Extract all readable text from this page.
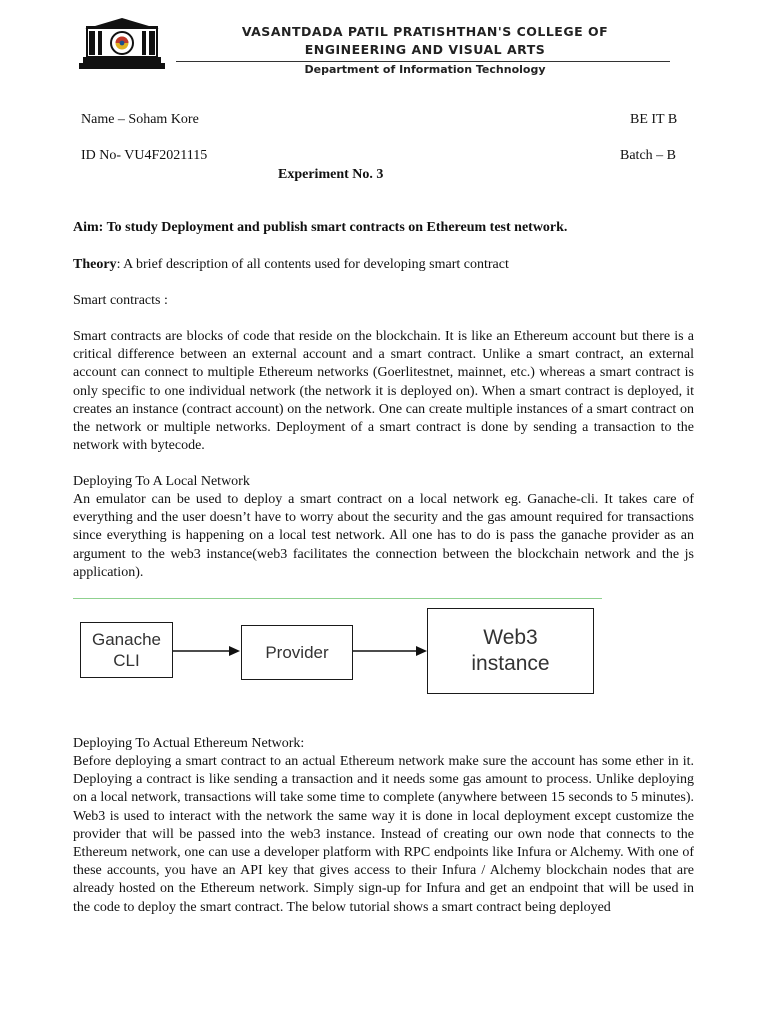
VASANTDADA PATIL PRATISHTHAN'S COLLEGE OF
ENGINEERING AND VISUAL ARTS
Department of Information Technology
Name – Soham Kore	BE IT B
ID No- VU4F2021115	Batch – B
Experiment No. 3
Aim: To study Deployment and publish smart contracts on Ethereum test network.
Theory: A brief description of all contents used for developing smart contract
Smart contracts :

Smart contracts are blocks of code that reside on the blockchain. It is like an Ethereum account but there is a critical difference between an external account and a smart contract. Unlike a smart contract, an external account can connect to multiple Ethereum networks (Goerlitestnet, mainnet, etc.) whereas a smart contract is only specific to one individual network (the network it is deployed on). When a smart contract is deployed, it creates an instance (contract account) on the network. One can create multiple instances of a smart contract on the network or multiple networks. Deployment of a smart contract is done by sending a transaction to the network with bytecode.

Deploying To A Local Network

An emulator can be used to deploy a smart contract on a local network eg. Ganache-cli. It takes care of everything and the user doesn’t have to worry about the security and the gas amount required for transactions since everything is happening on a local test network. All one has to do is pass the ganache provider as an argument to the web3 instance(web3 facilitates the connection between the blockchain network and the js application).

Ganache
CLI	Provider
Web3
instance
Deploying To Actual Ethereum Network:

Before deploying a smart contract to an actual Ethereum network make sure the account has some ether in it. Deploying a contract is like sending a transaction and it needs some gas amount to process. Unlike deploying on a local network, transactions will take some time to complete (anywhere between 15 seconds to 5 minutes). Web3 is used to interact with the network the same way it is done in local deployment except customize the provider that will be passed into the web3 instance. Instead of creating our own node that connects to the Ethereum network, one can use a developer platform with RPC endpoints like Infura or Alchemy. With one of these accounts, you have an API key that gives access to their Infura / Alchemy blockchain nodes that are already hosted on the Ethereum network. Simply sign-up for Infura and get an endpoint that will be used in the code to deploy the smart contract. The below tutorial shows a smart contract being deployed
